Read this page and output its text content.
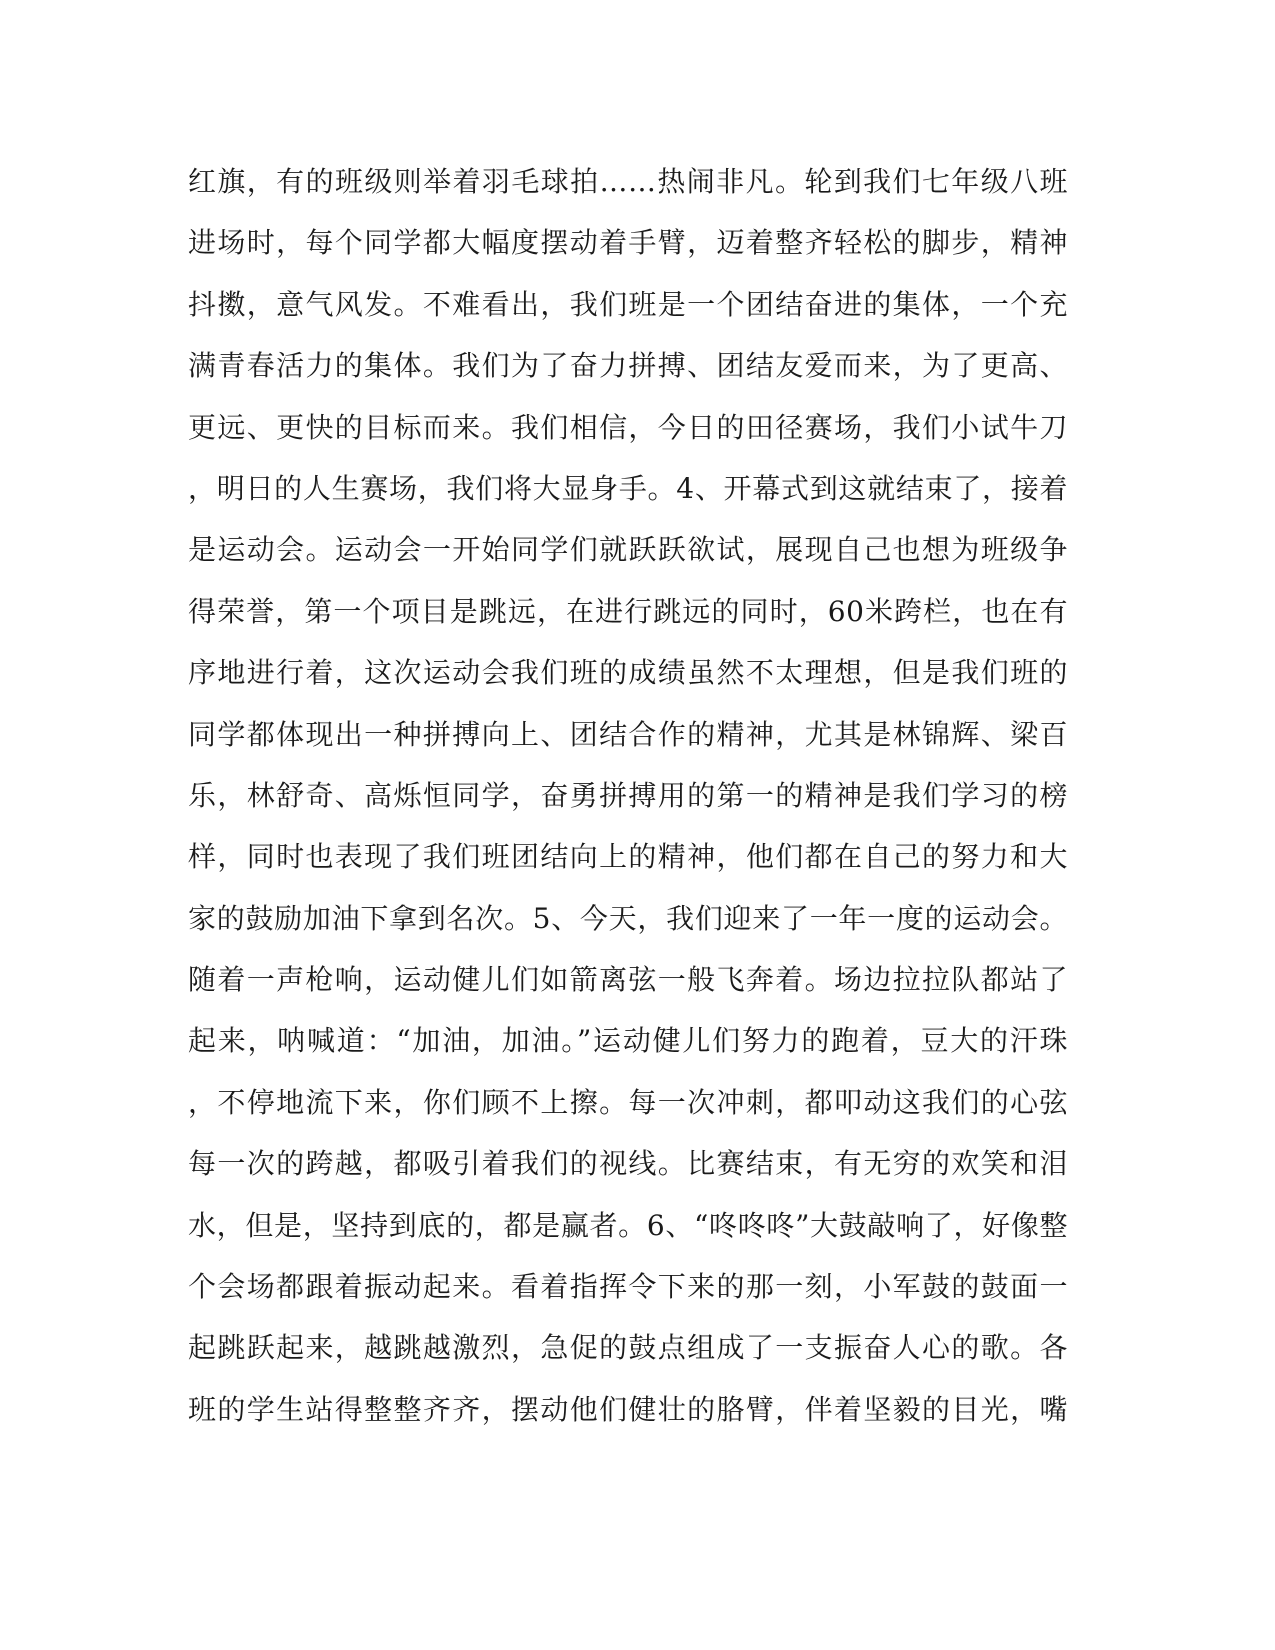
红旗，有的班级则举着羽毛球拍……热闹非凡。轮到我们七年级八班
进场时，每个同学都大幅度摆动着手臂，迈着整齐轻松的脚步，精神
抖擞，意气风发。不难看出，我们班是一个团结奋进的集体，一个充
满青春活力的集体。我们为了奋力拼搏、团结友爱而来，为了更高、
更远、更快的目标而来。我们相信，今日的田径赛场，我们小试牛刀
，明日的人生赛场，我们将大显身手。4、开幕式到这就结束了，接着
是运动会。运动会一开始同学们就跃跃欲试，展现自己也想为班级争
得荣誉，第一个项目是跳远，在进行跳远的同时，60米跨栏，也在有
序地进行着，这次运动会我们班的成绩虽然不太理想，但是我们班的
同学都体现出一种拼搏向上、团结合作的精神，尤其是林锦辉、梁百
乐，林舒奇、高烁恒同学，奋勇拼搏用的第一的精神是我们学习的榜
样，同时也表现了我们班团结向上的精神，他们都在自己的努力和大
家的鼓励加油下拿到名次。5、今天，我们迎来了一年一度的运动会。
随着一声枪响，运动健儿们如箭离弦一般飞奔着。场边拉拉队都站了
起来，呐喊道：“加油，加油。”运动健儿们努力的跑着，豆大的汗珠
，不停地流下来，你们顾不上擦。每一次冲刺，都叩动这我们的心弦
每一次的跨越，都吸引着我们的视线。比赛结束，有无穷的欢笑和泪
水，但是，坚持到底的，都是赢者。6、“咚咚咚”大鼓敲响了，好像整
个会场都跟着振动起来。看着指挥令下来的那一刻，小军鼓的鼓面一
起跳跃起来，越跳越激烈，急促的鼓点组成了一支振奋人心的歌。各
班的学生站得整整齐齐，摆动他们健壮的胳臂，伴着坚毅的目光，嘴
